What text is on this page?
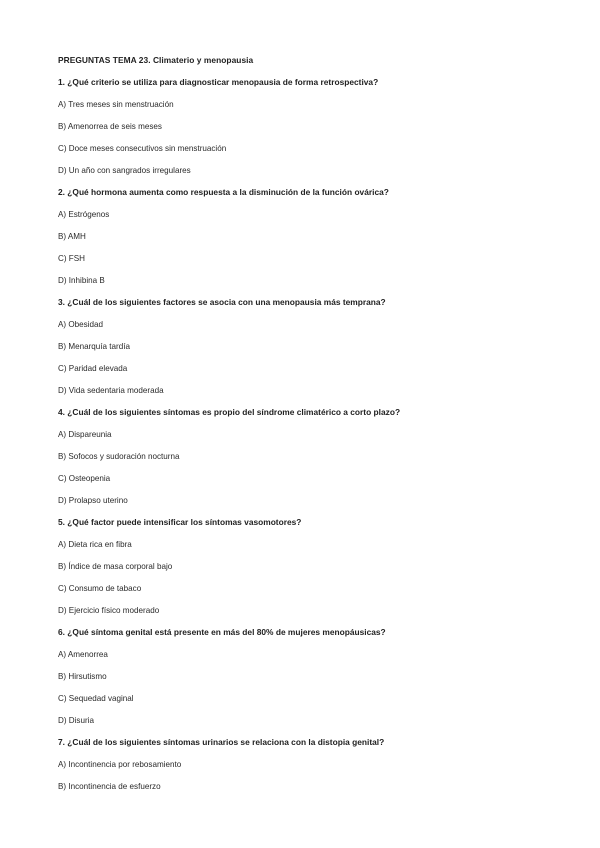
PREGUNTAS TEMA 23. Climaterio y menopausia

1. ¿Qué criterio se utiliza para diagnosticar menopausia de forma retrospectiva?

A) Tres meses sin menstruación

B) Amenorrea de seis meses

C) Doce meses consecutivos sin menstruación

D) Un año con sangrados irregulares

2. ¿Qué hormona aumenta como respuesta a la disminución de la función ovárica?

A) Estrógenos

B) AMH

C) FSH

D) Inhibina B

3. ¿Cuál de los siguientes factores se asocia con una menopausia más temprana?

A) Obesidad

B) Menarquía tardía

C) Paridad elevada

D) Vida sedentaria moderada

4. ¿Cuál de los siguientes síntomas es propio del síndrome climatérico a corto plazo?

A) Dispareunia

B) Sofocos y sudoración nocturna

C) Osteopenia

D) Prolapso uterino

5. ¿Qué factor puede intensificar los síntomas vasomotores?

A) Dieta rica en fibra

B) Índice de masa corporal bajo

C) Consumo de tabaco

D) Ejercicio físico moderado

6. ¿Qué síntoma genital está presente en más del 80% de mujeres menopáusicas?

A) Amenorrea

B) Hirsutismo

C) Sequedad vaginal

D) Disuria

7. ¿Cuál de los siguientes síntomas urinarios se relaciona con la distopia genital?

A) Incontinencia por rebosamiento

B) Incontinencia de esfuerzo
